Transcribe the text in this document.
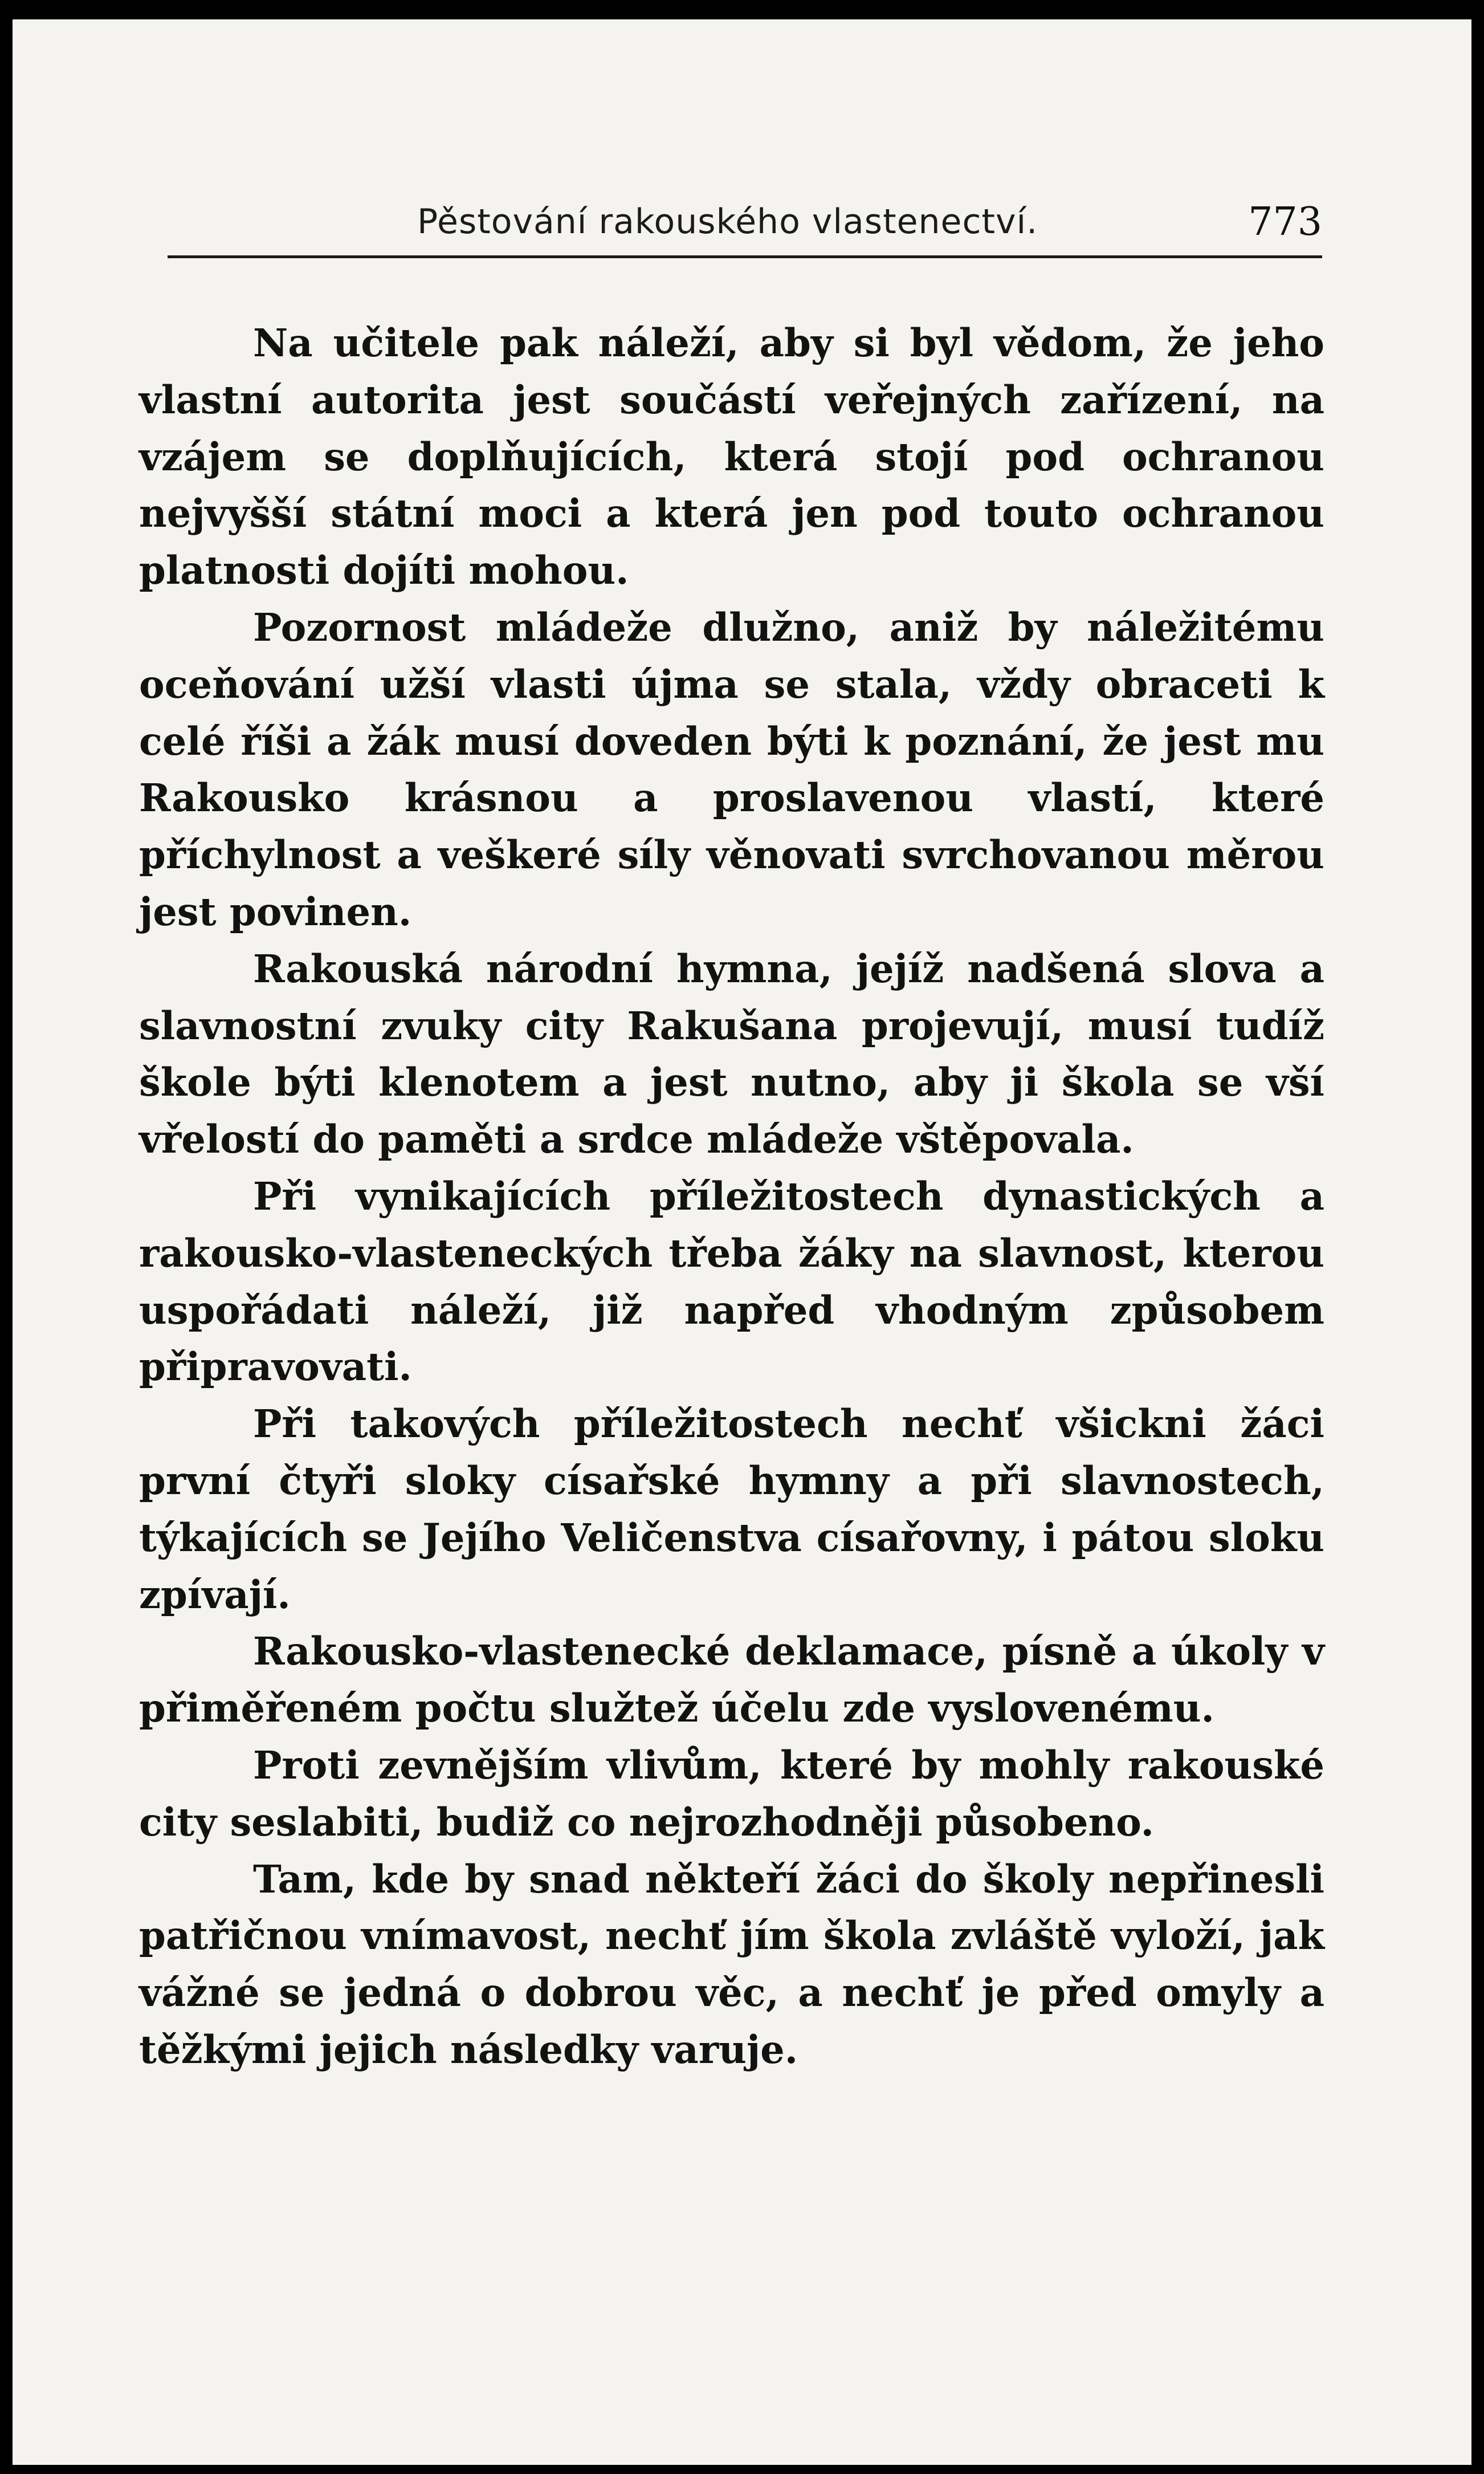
Pěstování rakouského vlastenectví.	773

Na učitele pak náleží, aby si byl vědom, že jeho vlastní autorita jest součástí veřejných zařízení, na vzájem se doplňujících, která stojí pod ochranou nejvyšší státní moci a která jen pod touto ochranou platnosti dojíti mohou.

Pozornost mládeže dlužno, aniž by náležitému oceňování užší vlasti újma se stala, vždy obraceti k celé říši a žák musí doveden býti k poznání, že jest mu Rakousko krásnou a proslavenou vlastí, které příchylnost a veškeré síly věnovati svrchovanou měrou jest povinen.

Rakouská národní hymna, jejíž nadšená slova a slavnostní zvuky city Rakušana projevují, musí tudíž škole býti klenotem a jest nutno, aby ji škola se vší vřelostí do paměti a srdce mládeže vštěpovala.

Při vynikajících příležitostech dynastických a rakousko-vlasteneckých třeba žáky na slavnost, kterou uspořádati náleží, již napřed vhodným způsobem připravovati.

Při takových příležitostech nechť všickni žáci první čtyři sloky císařské hymny a při slavnostech, týkajících se Jejího Veličenstva císařovny, i pátou sloku zpívají.

Rakousko-vlastenecké deklamace, písně a úkoly v přiměřeném počtu služtež účelu zde vyslovenému.

Proti zevnějším vlivům, které by mohly rakouské city seslabiti, budiž co nejrozhodněji působeno.

Tam, kde by snad někteří žáci do školy nepřinesli patřičnou vnímavost, nechť jím škola zvláště vyloží, jak vážné se jedná o dobrou věc, a nechť je před omyly a těžkými jejich následky varuje.
